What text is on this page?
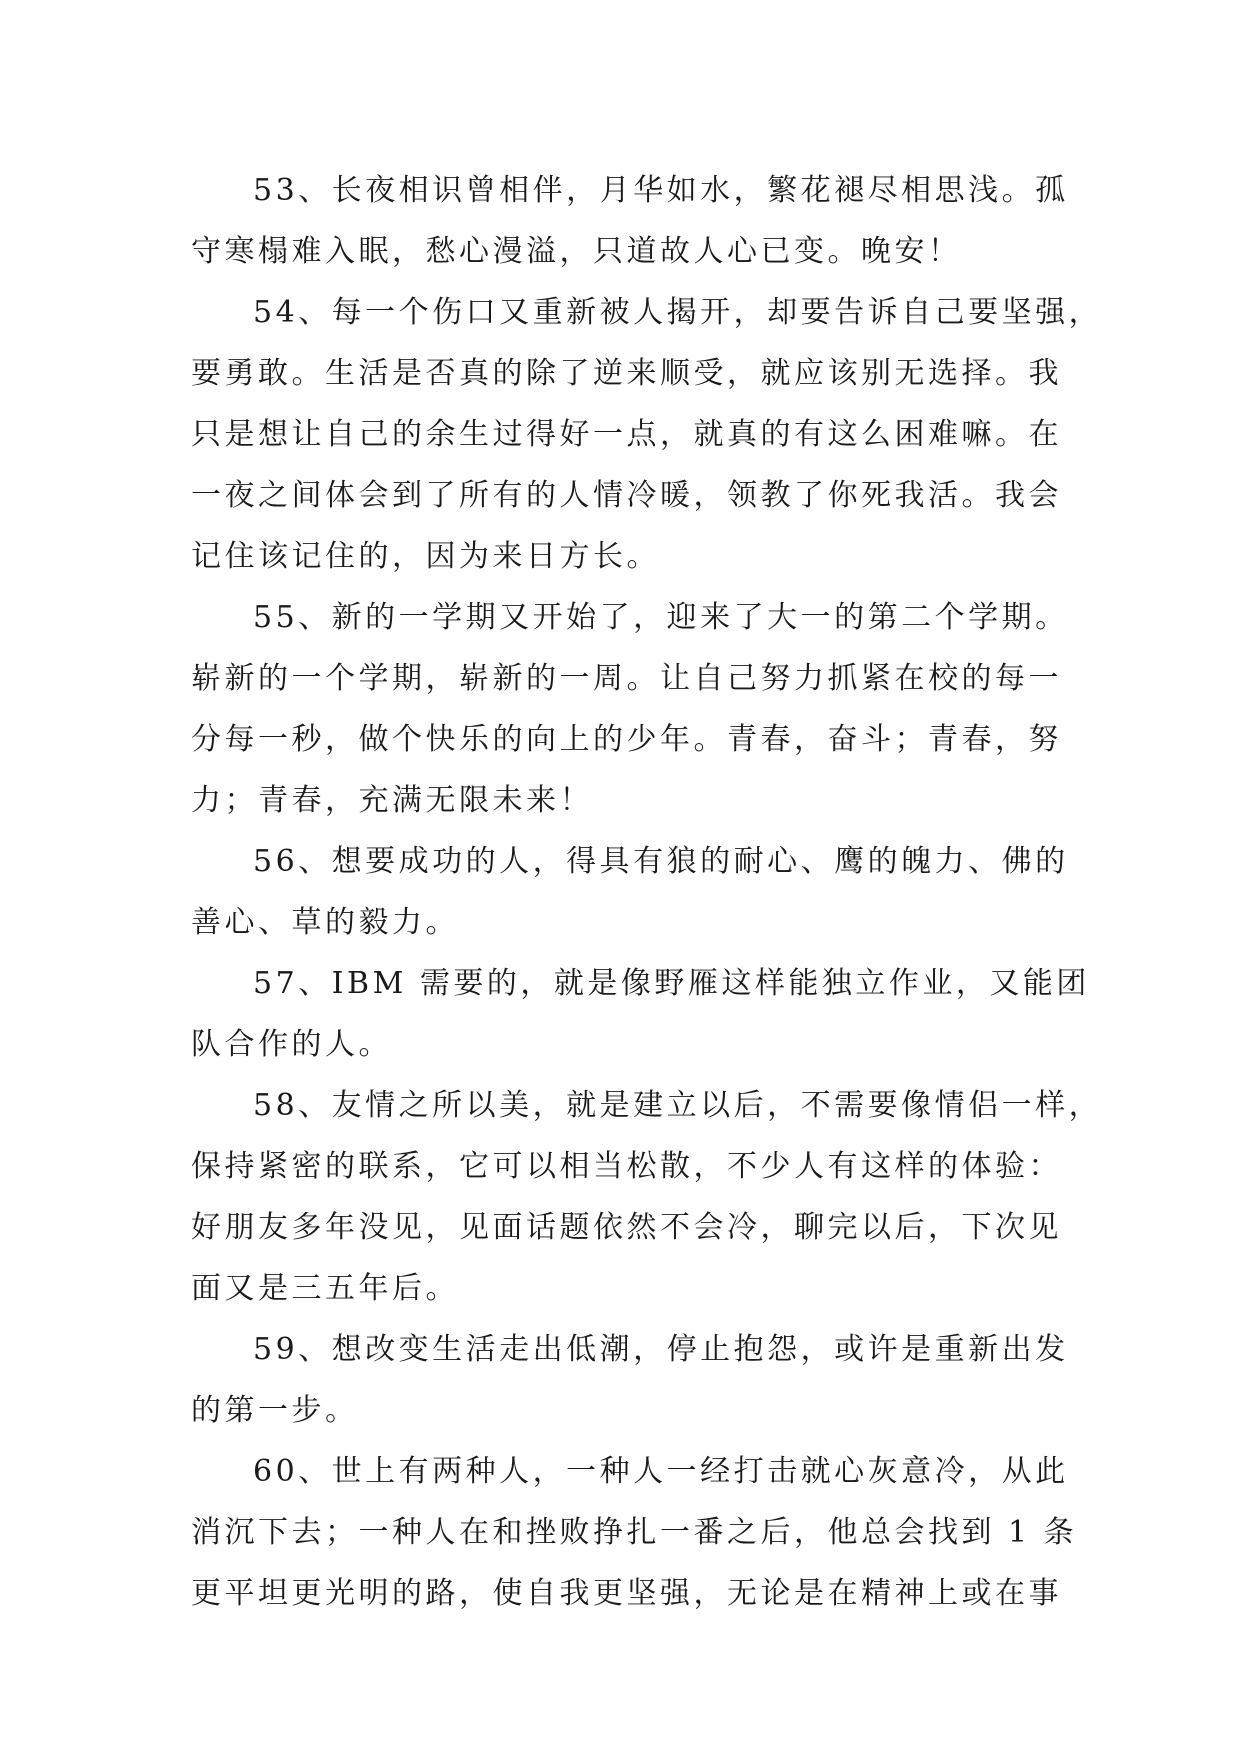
53、长夜相识曾相伴，月华如水，繁花褪尽相思浅。孤
守寒榻难入眠，愁心漫溢，只道故人心已变。晚安！
54、每一个伤口又重新被人揭开，却要告诉自己要坚强，
要勇敢。生活是否真的除了逆来顺受，就应该别无选择。我
只是想让自己的余生过得好一点，就真的有这么困难嘛。在
一夜之间体会到了所有的人情冷暖，领教了你死我活。我会
记住该记住的，因为来日方长。
55、新的一学期又开始了，迎来了大一的第二个学期。
崭新的一个学期，崭新的一周。让自己努力抓紧在校的每一
分每一秒，做个快乐的向上的少年。青春，奋斗；青春，努
力；青春，充满无限未来！
56、想要成功的人，得具有狼的耐心、鹰的魄力、佛的
善心、草的毅力。
57、IBM 需要的，就是像野雁这样能独立作业，又能团
队合作的人。
58、友情之所以美，就是建立以后，不需要像情侣一样，
保持紧密的联系，它可以相当松散，不少人有这样的体验：
好朋友多年没见，见面话题依然不会冷，聊完以后，下次见
面又是三五年后。
59、想改变生活走出低潮，停止抱怨，或许是重新出发
的第一步。
60、世上有两种人，一种人一经打击就心灰意冷，从此
消沉下去；一种人在和挫败挣扎一番之后，他总会找到 1 条
更平坦更光明的路，使自我更坚强，无论是在精神上或在事
